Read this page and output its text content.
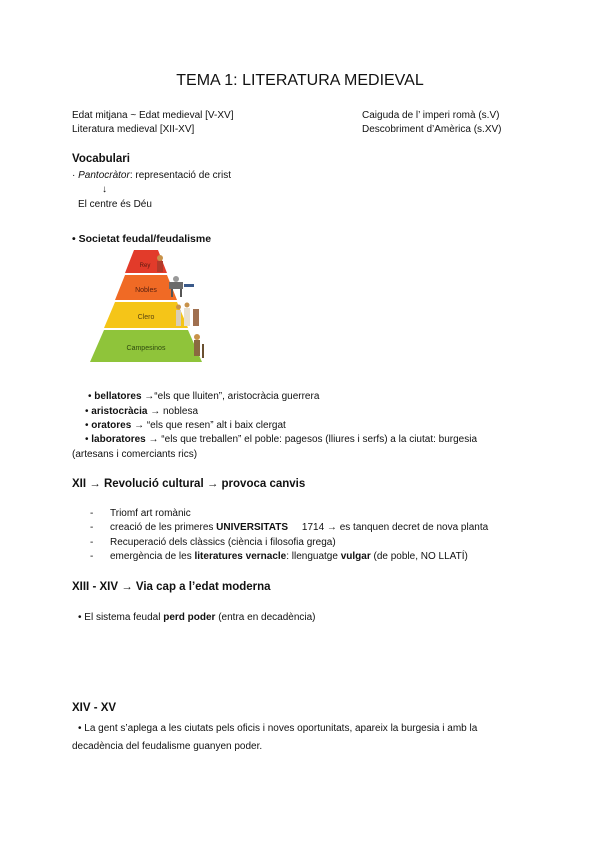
TEMA 1: LITERATURA MEDIEVAL
Edat mitjana ~ Edat medieval [V-XV]
Literatura medieval [XII-XV]
Caiguda de l’ imperi romà (s.V)
Descobriment d’Amèrica (s.XV)
Vocabulari
· Pantocràtor: representació de crist
↓
El centre és Déu
• Societat feudal/feudalisme
Rey
Nobles
Clero
Campesinos
• bellatores →“els que lluiten”, aristocràcia guerrera
• aristocràcia → noblesa
• oratores → “els que resen” alt i baix clergat
• laboratores → “els que treballen” el poble: pagesos (lliures i serfs) a la ciutat: burgesia
(artesans i comerciants rics)
XII → Revolució cultural → provoca canvis
- Triomf art romànic
- creació de les primeres UNIVERSITATS     1714 → es tanquen decret de nova planta
- Recuperació dels clàssics (ciència i filosofia grega)
- emergència de les literatures vernacle: llenguatge vulgar (de poble, NO LLATÍ)
XIII - XIV → Via cap a l’edat moderna
• El sistema feudal perd poder (entra en decadència)
XIV - XV
• La gent s’aplega a les ciutats pels oficis i noves oportunitats, apareix la burgesia i amb la
decadència del feudalisme guanyen poder.
